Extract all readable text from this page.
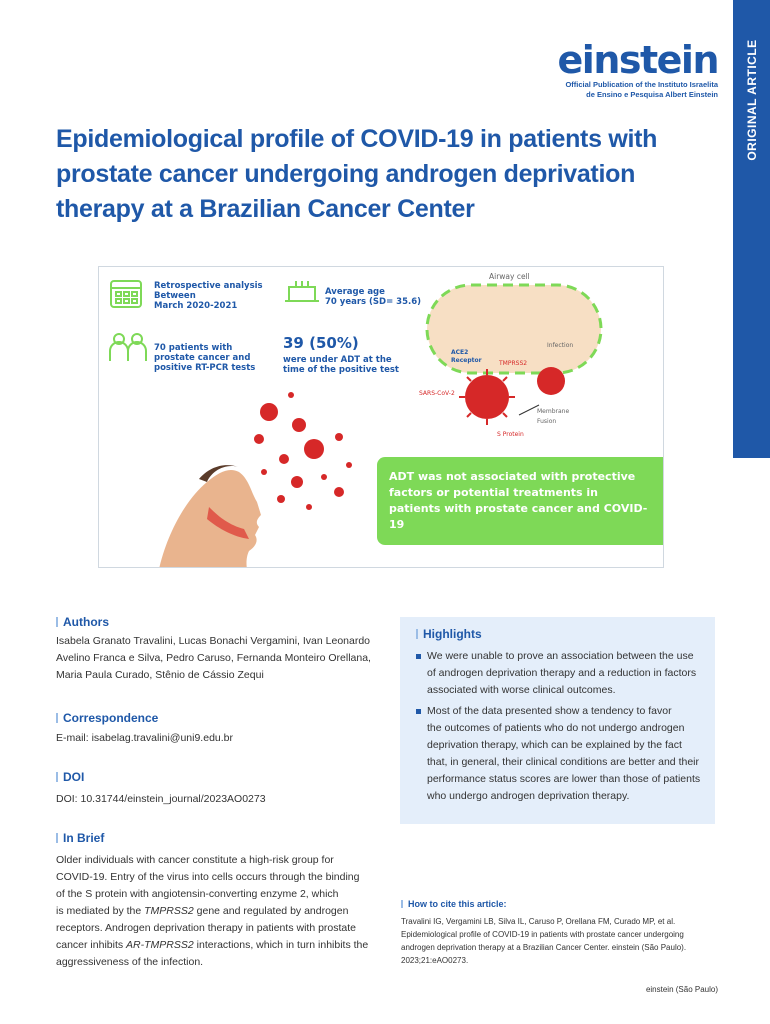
ORIGINAL ARTICLE
einstein
Official Publication of the Instituto Israelita
de Ensino e Pesquisa Albert Einstein
Epidemiological profile of COVID-19 in patients with prostate cancer undergoing androgen deprivation therapy at a Brazilian Cancer Center
Retrospective analysis
Between
March 2020-2021
Average age
70 years (SD= 35.6)
70 patients with
prostate cancer and
positive RT-PCR tests
39 (50%)
were under ADT at the
time of the positive test
Airway cell
Infection
ACE2
Receptor	TMPRSS2
SARS-CoV-2
Membrane
Fusion
S Protein
ADT was not associated with protective factors or potential treatments in patients with prostate cancer and COVID-19
Authors
Isabela Granato Travalini, Lucas Bonachi Vergamini, Ivan Leonardo
Avelino Franca e Silva, Pedro Caruso, Fernanda Monteiro Orellana,
Maria Paula Curado, Stênio de Cássio Zequi
Correspondence
E-mail: isabelag.travalini@uni9.edu.br
DOI
DOI: 10.31744/einstein_journal/2023AO0273
In Brief
Older individuals with cancer constitute a high-risk group for
COVID-19. Entry of the virus into cells occurs through the binding
of the S protein with angiotensin-converting enzyme 2, which
is mediated by the TMPRSS2 gene and regulated by androgen
receptors. Androgen deprivation therapy in patients with prostate
cancer inhibits AR-TMPRSS2 interactions, which in turn inhibits the
aggressiveness of the infection.
Highlights
We were unable to prove an association between the use
of androgen deprivation therapy and a reduction in factors
associated with worse clinical outcomes.
Most of the data presented show a tendency to favor
the outcomes of patients who do not undergo androgen
deprivation therapy, which can be explained by the fact
that, in general, their clinical conditions are better and their
performance status scores are lower than those of patients
who undergo androgen deprivation therapy.
How to cite this article:
Travalini IG, Vergamini LB, Silva IL, Caruso P, Orellana FM, Curado MP, et al.
Epidemiological profile of COVID-19 in patients with prostate cancer undergoing
androgen deprivation therapy at a Brazilian Cancer Center. einstein (São Paulo).
2023;21:eAO0273.
einstein (São Paulo)
